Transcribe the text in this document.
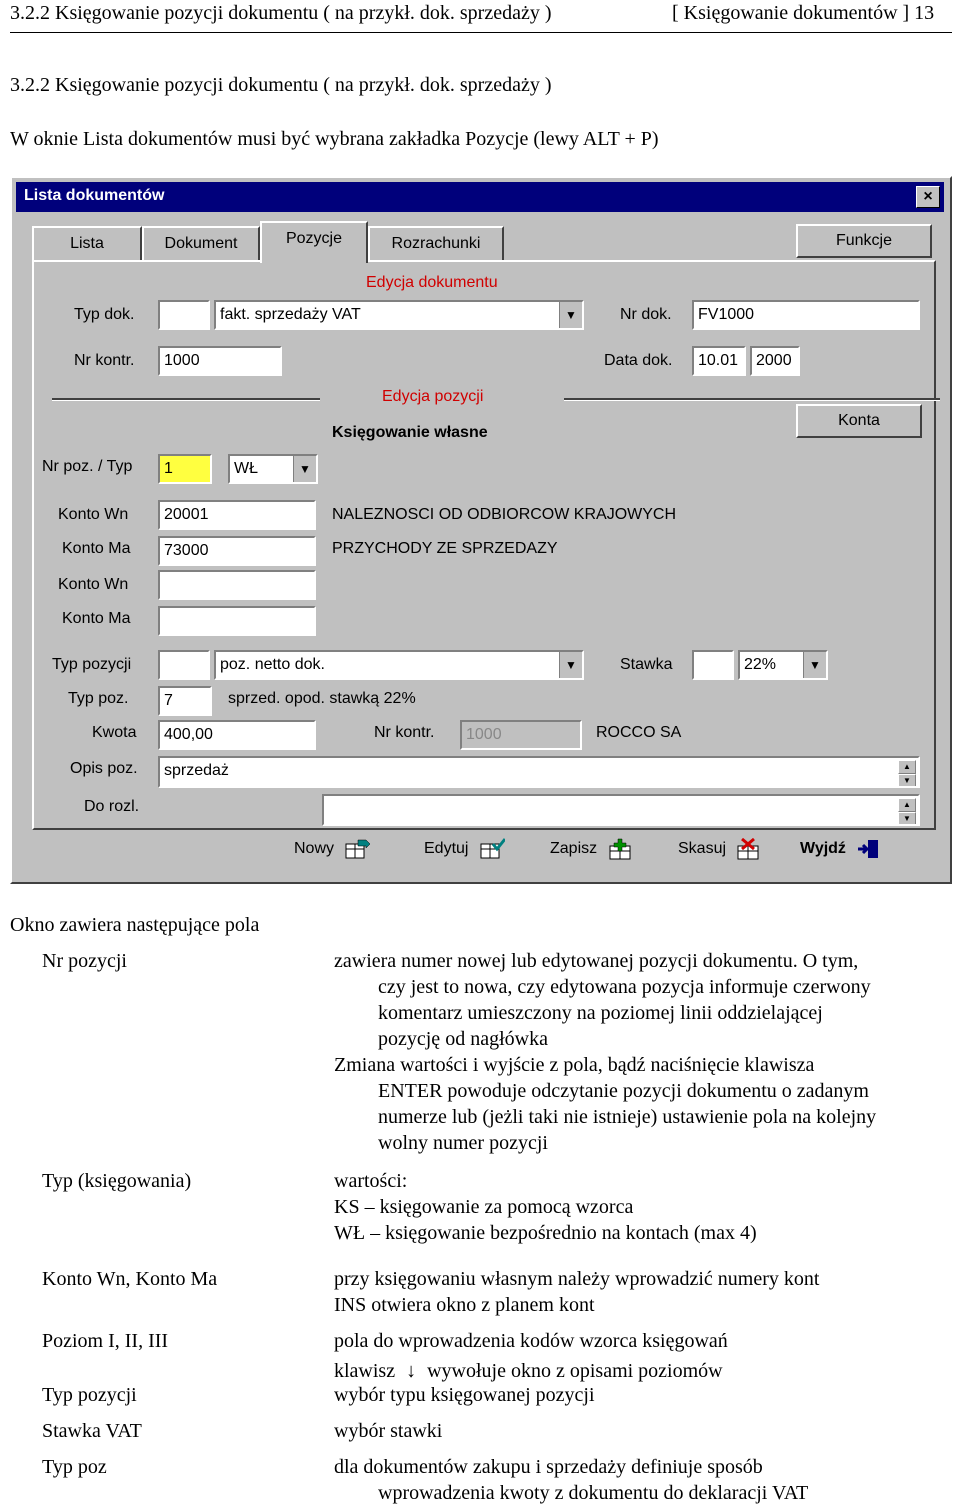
3.2.2 Księgowanie pozycji dokumentu ( na przykł. dok. sprzedaży )	[ Księgowanie dokumentów ] 13
3.2.2 Księgowanie pozycji dokumentu ( na przykł. dok. sprzedaży )
W oknie Lista dokumentów musi być wybrana zakładka Pozycje (lewy ALT + P)
Lista dokumentów	×
Lista	Dokument	Pozycje	Rozrachunki	Funkcje
Edycja dokumentu
Typ dok.	fakt. sprzedaży VAT	▼	Nr dok.	FV1000
Nr kontr.	1000	Data dok.	10.01	2000
Edycja pozycji
Księgowanie własne
Konta
Nr poz. / Typ	1	WŁ	▼
Konto Wn	20001	NALEZNOSCI OD ODBIORCOW KRAJOWYCH
Konto Ma	73000	PRZYCHODY ZE SPRZEDAZY
Konto Wn
Konto Ma
Typ pozycji	poz. netto dok.	▼	Stawka	22%	▼
Typ poz.	7	sprzed. opod. stawką 22%
Kwota	400,00	Nr kontr.	1000	ROCCO SA
Opis poz.	sprzedaż	▲
▼
Do rozl.	▲
▼
Nowy	Edytuj	Zapisz	Skasuj	Wyjdź
Okno zawiera następujące pola
Nr pozycji	zawiera numer nowej lub edytowanej pozycji dokumentu. O tym,
czy jest to nowa, czy edytowana pozycja informuje czerwony
komentarz umieszczony na poziomej linii oddzielającej
pozycję od nagłówka
Zmiana wartości i wyjście z pola, bądź naciśnięcie klawisza
ENTER powoduje odczytanie pozycji dokumentu o zadanym
numerze lub (jeżli taki nie istnieje) ustawienie pola na kolejny
wolny numer pozycji
Typ (księgowania)	wartości:
KS – księgowanie za pomocą wzorca
WŁ – księgowanie bezpośrednio na kontach (max 4)
Konto Wn, Konto Ma	przy księgowaniu własnym należy wprowadzić numery kont
INS otwiera okno z planem kont
Poziom I, II, III	pola do wprowadzenia kodów wzorca księgowań
klawisz ↓ wywołuje okno z opisami poziomów
Typ pozycji	wybór typu księgowanej pozycji
Stawka VAT	wybór stawki
Typ poz	dla dokumentów zakupu i sprzedaży definiuje sposób
wprowadzenia kwoty z dokumentu do deklaracji VAT
